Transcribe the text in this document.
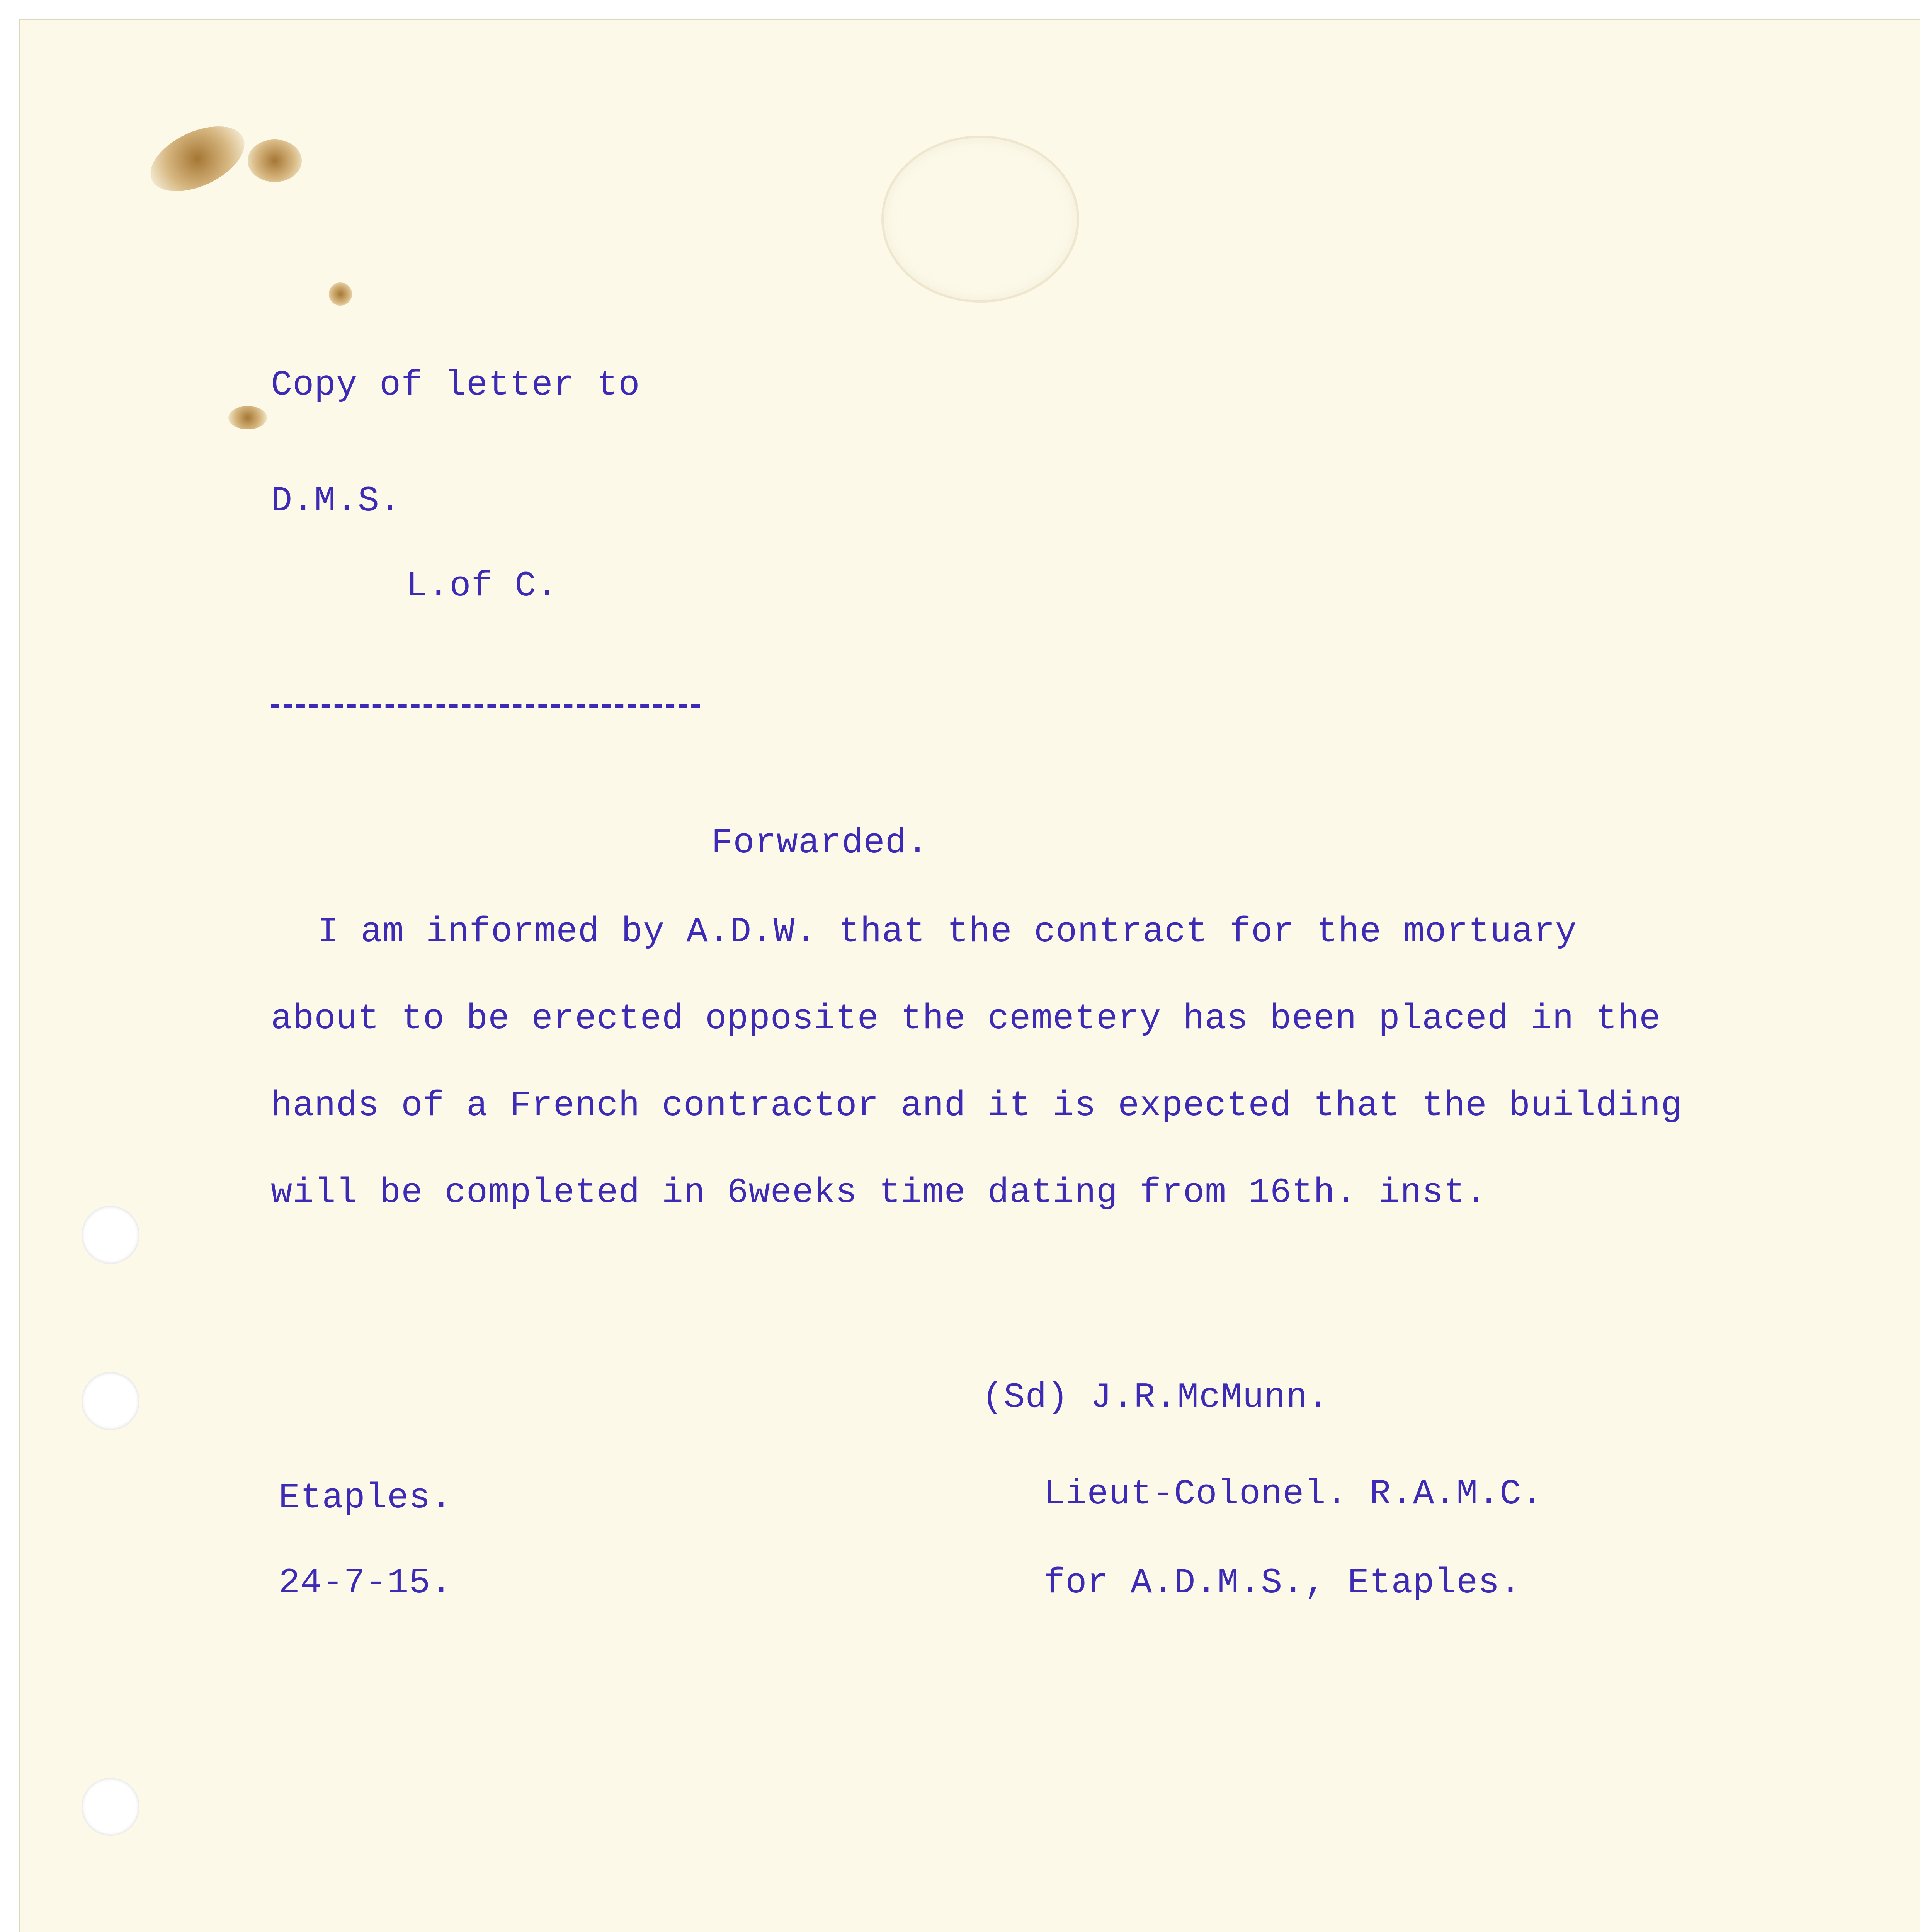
Copy of letter to

D.M.S.

L.of C.

Forwarded.

I am informed by A.D.W. that the contract for the mortuary

about to be erected opposite the cemetery has been placed in the

hands of a French contractor and it is expected that the building

will be completed in 6weeks time dating from 16th. inst.

(Sd) J.R.McMunn.

Etaples.	Lieut-Colonel. R.A.M.C.

24-7-15.	for A.D.M.S., Etaples.
